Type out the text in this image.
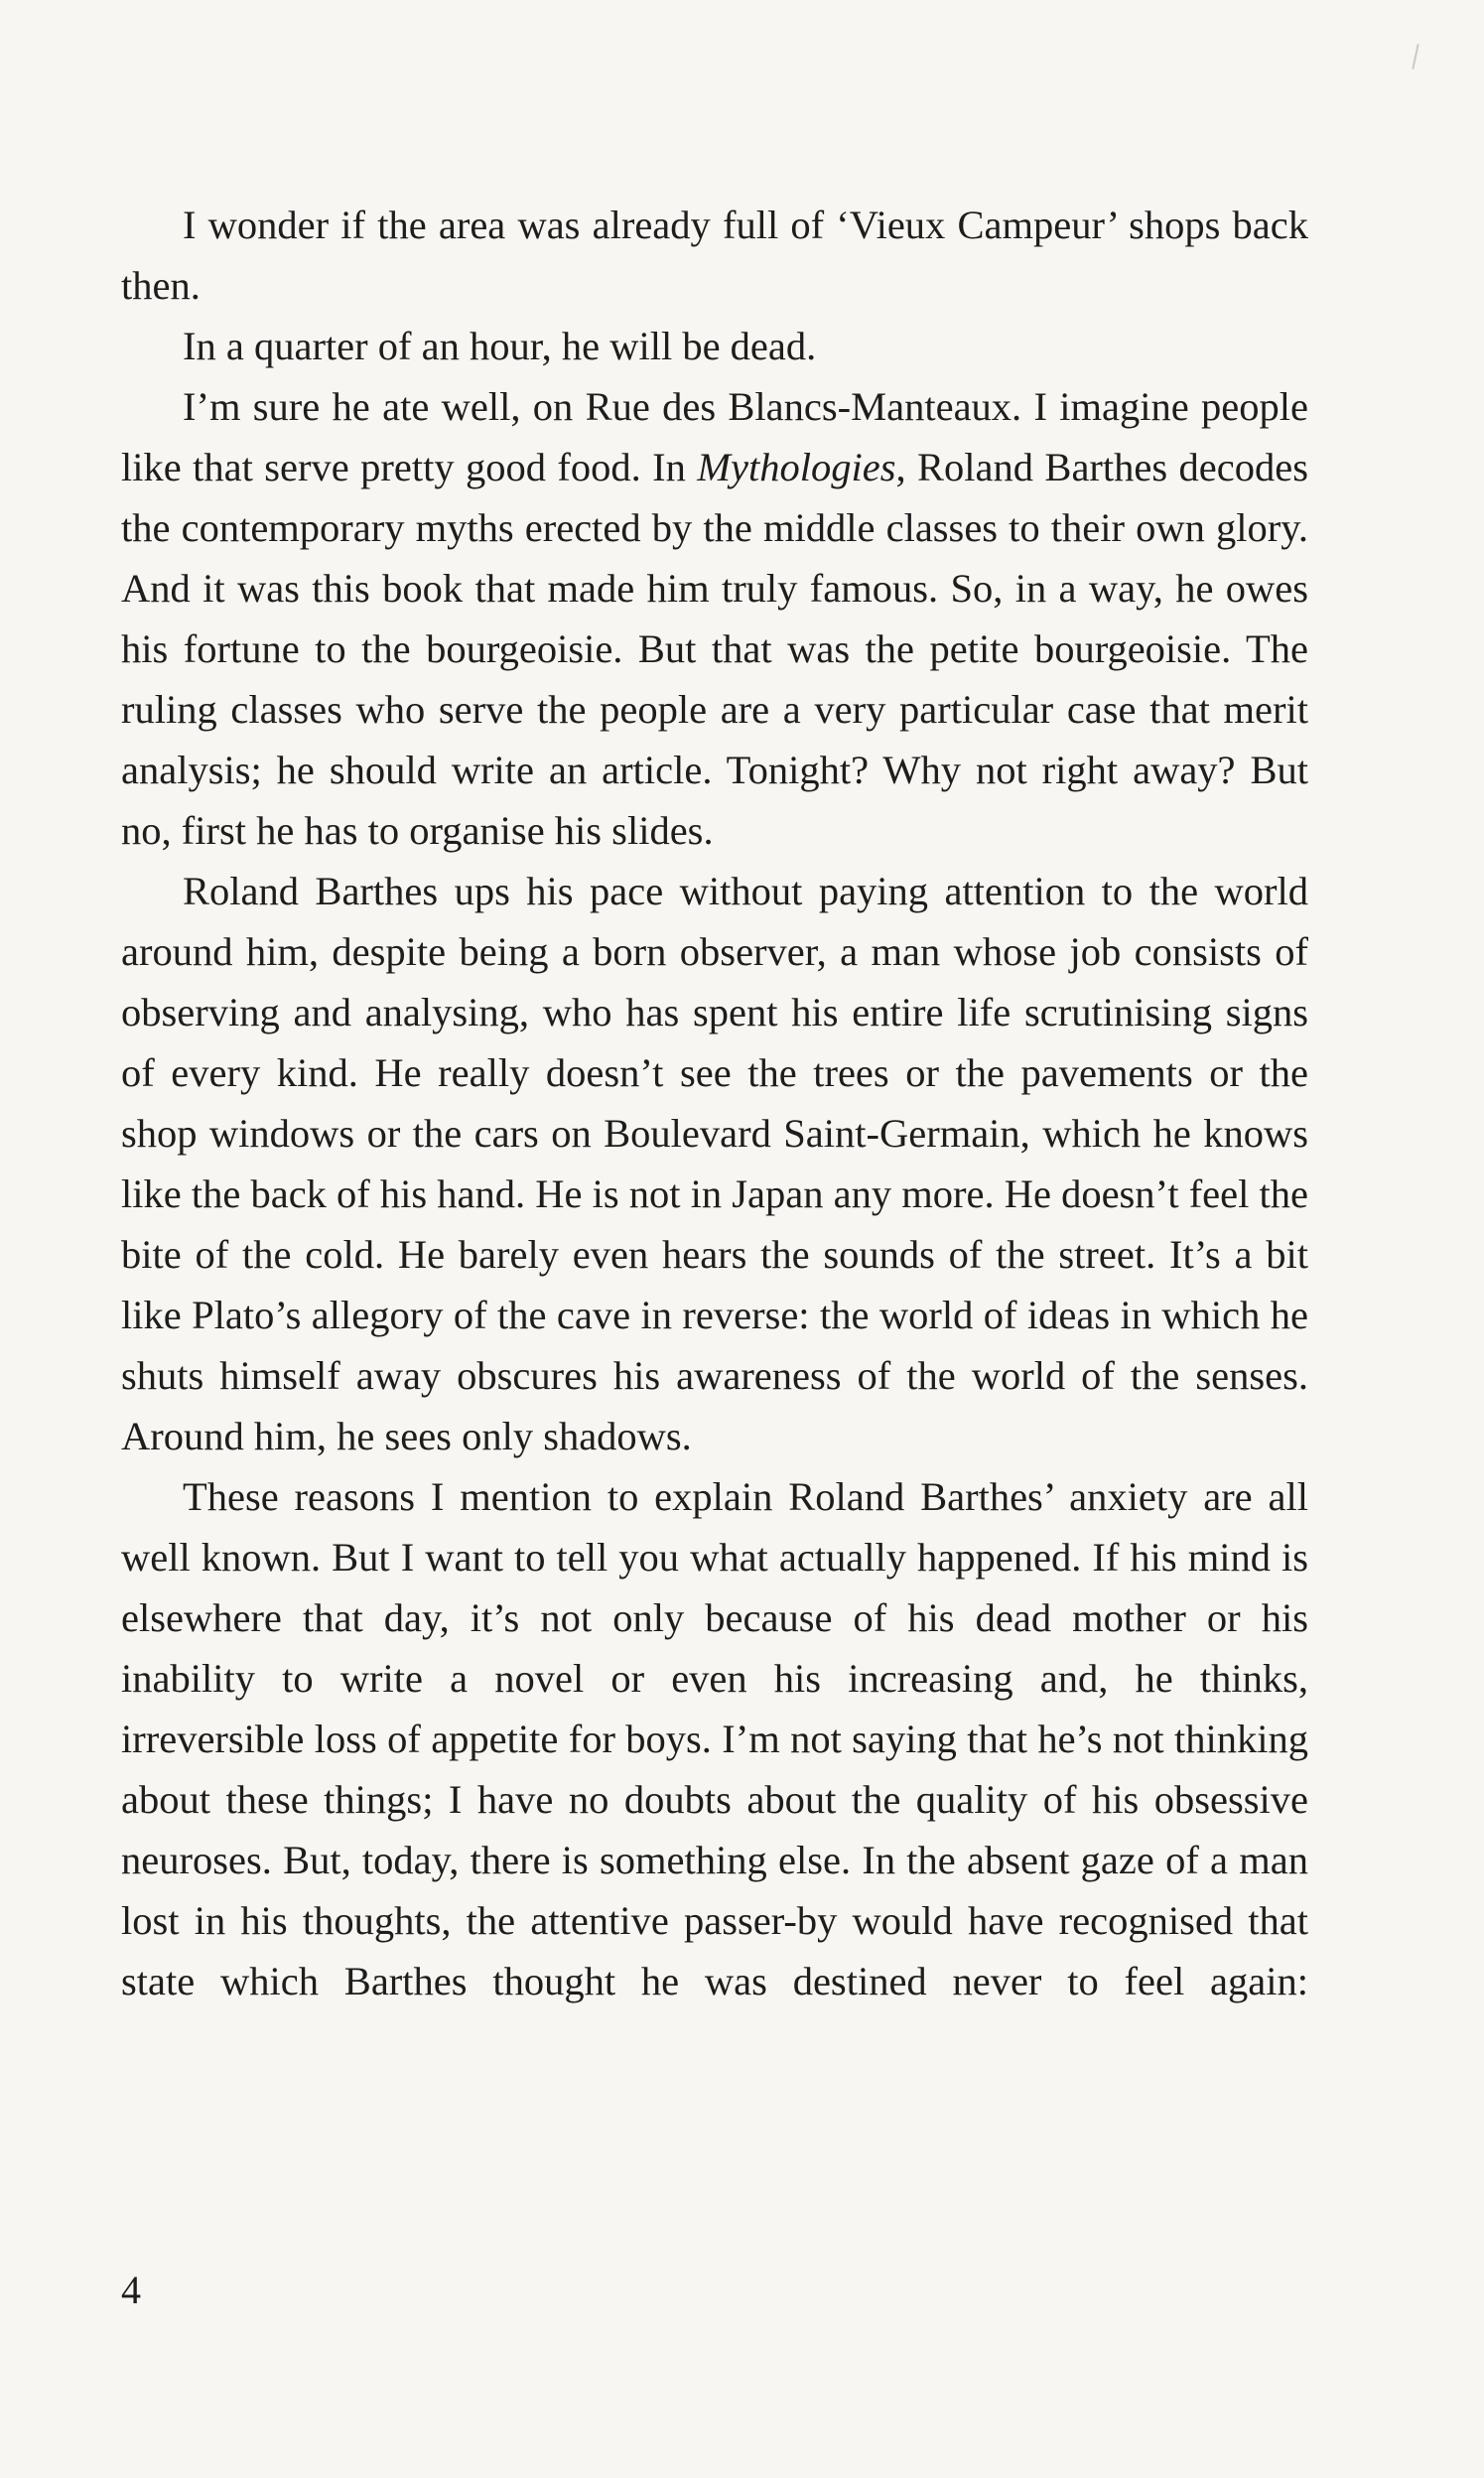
I wonder if the area was already full of ‘Vieux Campeur’ shops back then.

In a quarter of an hour, he will be dead.

I’m sure he ate well, on Rue des Blancs-Manteaux. I imagine people like that serve pretty good food. In Mythologies, Roland Barthes decodes the contemporary myths erected by the middle classes to their own glory. And it was this book that made him truly famous. So, in a way, he owes his fortune to the bourgeoisie. But that was the petite bourgeoisie. The ruling classes who serve the people are a very particular case that merit analysis; he should write an article. Tonight? Why not right away? But no, first he has to organise his slides.

Roland Barthes ups his pace without paying attention to the world around him, despite being a born observer, a man whose job consists of observing and analysing, who has spent his entire life scrutinising signs of every kind. He really doesn’t see the trees or the pavements or the shop windows or the cars on Boulevard Saint-Germain, which he knows like the back of his hand. He is not in Japan any more. He doesn’t feel the bite of the cold. He barely even hears the sounds of the street. It’s a bit like Plato’s allegory of the cave in reverse: the world of ideas in which he shuts himself away obscures his awareness of the world of the senses. Around him, he sees only shadows.

These reasons I mention to explain Roland Barthes’ anxiety are all well known. But I want to tell you what actually happened. If his mind is elsewhere that day, it’s not only because of his dead mother or his inability to write a novel or even his increasing and, he thinks, irreversible loss of appetite for boys. I’m not saying that he’s not thinking about these things; I have no doubts about the quality of his obsessive neuroses. But, today, there is something else. In the absent gaze of a man lost in his thoughts, the attentive passer-by would have recognised that state which Barthes thought he was destined never to feel again:

4
